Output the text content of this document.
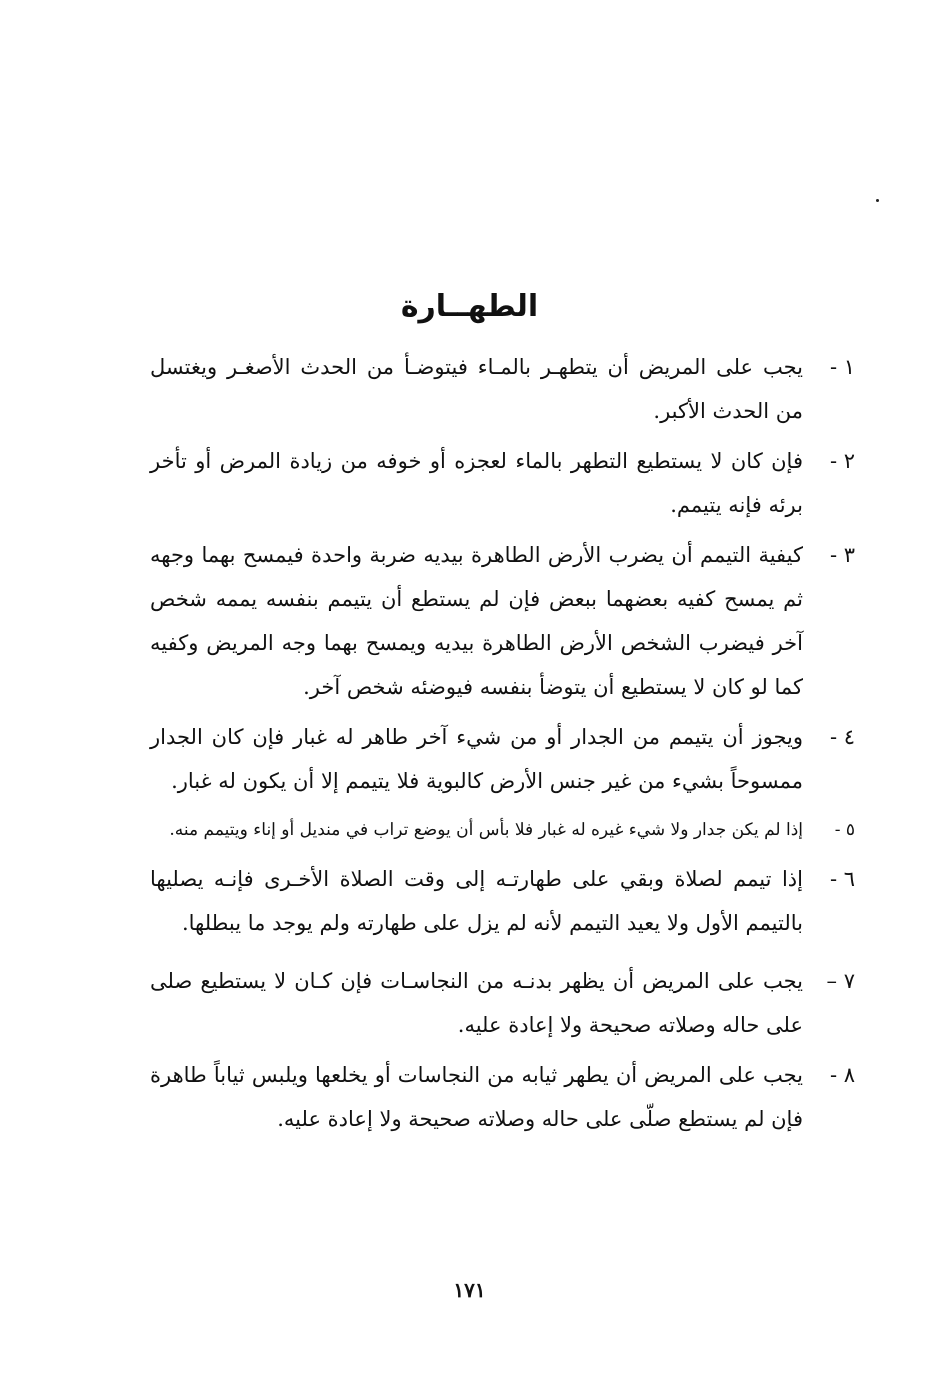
الطهــارة
١ -
يجب على المريض أن يتطهـر بالمـاء فيتوضـأ من الحدث الأصغـر ويغتسل من الحدث الأكبر.
٢ -
فإن كان لا يستطيع التطهر بالماء لعجزه أو خوفه من زيادة المرض أو تأخر برئه فإنه يتيمم.
٣ -
كيفية التيمم أن يضرب الأرض الطاهرة بيديه ضربة واحدة فيمسح بهما وجهه ثم يمسح كفيه بعضهما ببعض فإن لم يستطع أن يتيمم بنفسه يممه شخص آخر فيضرب الشخص الأرض الطاهرة بيديه ويمسح بهما وجه المريض وكفيه كما لو كان لا يستطيع أن يتوضأ بنفسه فيوضئه شخص آخر.
٤ -
ويجوز أن يتيمم من الجدار أو من شيء آخر طاهر له غبار فإن كان الجدار ممسوحاً بشيء من غير جنس الأرض كالبوية فلا يتيمم إلا أن يكون له غبار.
٥ -
إذا لم يكن جدار ولا شيء غيره له غبار فلا بأس أن يوضع تراب في منديل أو إناء ويتيمم منه.
٦ -
إذا تيمم لصلاة وبقي على طهارتـه إلى وقت الصلاة الأخـرى فإنـه يصليها بالتيمم الأول ولا يعيد التيمم لأنه لم يزل على طهارته ولم يوجد ما يبطلها.
٧ –
يجب على المريض أن يظهر بدنـه من النجاسـات فإن كـان لا يستطيع صلى على حاله وصلاته صحيحة ولا إعادة عليه.
٨ -
يجب على المريض أن يطهر ثيابه من النجاسات أو يخلعها ويلبس ثياباً طاهرة فإن لم يستطع صلّى على حاله وصلاته صحيحة ولا إعادة عليه.
١٧١
